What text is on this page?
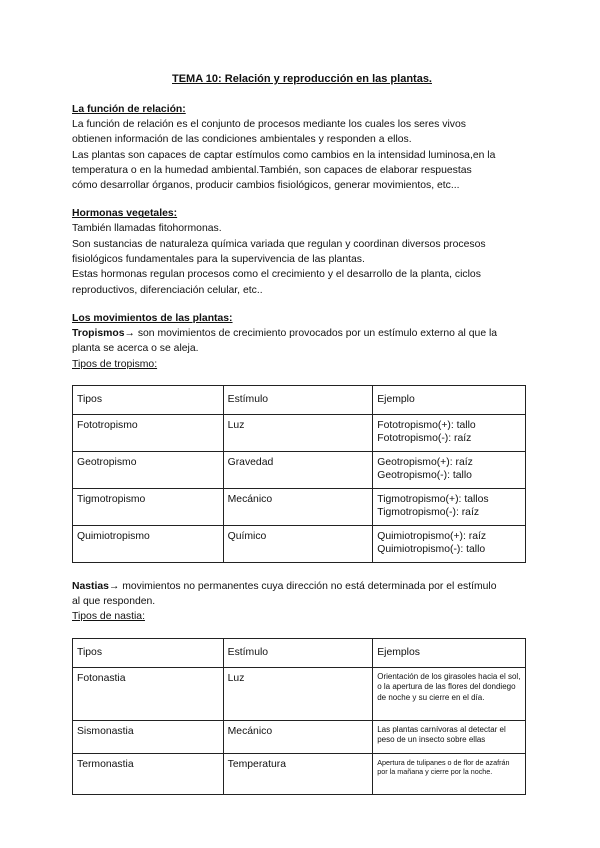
TEMA 10: Relación y reproducción en las plantas.

La función de relación:

La función de relación es el conjunto de procesos mediante los cuales los seres vivos

obtienen información de las condiciones ambientales y responden a ellos.

Las plantas son capaces de captar estímulos como cambios en la intensidad luminosa,en la

temperatura o en la humedad ambiental.También, son capaces de elaborar respuestas

cómo desarrollar órganos, producir cambios fisiológicos, generar movimientos, etc...

Hormonas vegetales:

También llamadas fitohormonas.

Son sustancias de naturaleza química variada que regulan y coordinan diversos procesos

fisiológicos fundamentales para la supervivencia de las plantas.

Estas hormonas regulan procesos como el crecimiento y el desarrollo de la planta, ciclos

reproductivos, diferenciación celular, etc..

Los movimientos de las plantas:

Tropismos→ son movimientos de crecimiento provocados por un estímulo externo al que la

planta se acerca o se aleja.

Tipos de tropismo:

Tipos	Estímulo	Ejemplo
Fototropismo	Luz	Fototropismo(+): tallo
Fototropismo(-): raíz

Geotropismo	Gravedad	Geotropismo(+): raíz
Geotropismo(-): tallo

Tigmotropismo	Mecánico	Tigmotropismo(+): tallos
Tigmotropismo(-): raíz

Quimiotropismo	Químico	Quimiotropismo(+): raíz
Quimiotropismo(-): tallo

Nastias→ movimientos no permanentes cuya dirección no está determinada por el estímulo

al que responden.

Tipos de nastia:

Tipos	Estímulo	Ejemplos
Fotonastia	Luz	Orientación de los girasoles hacia el sol, o la apertura de las flores del dondiego de noche y su cierre en el día.
Sismonastia	Mecánico	Las plantas carnívoras al detectar el peso de un insecto sobre ellas
Termonastia	Temperatura	Apertura de tulipanes o de flor de azafrán por la mañana y cierre por la noche.
